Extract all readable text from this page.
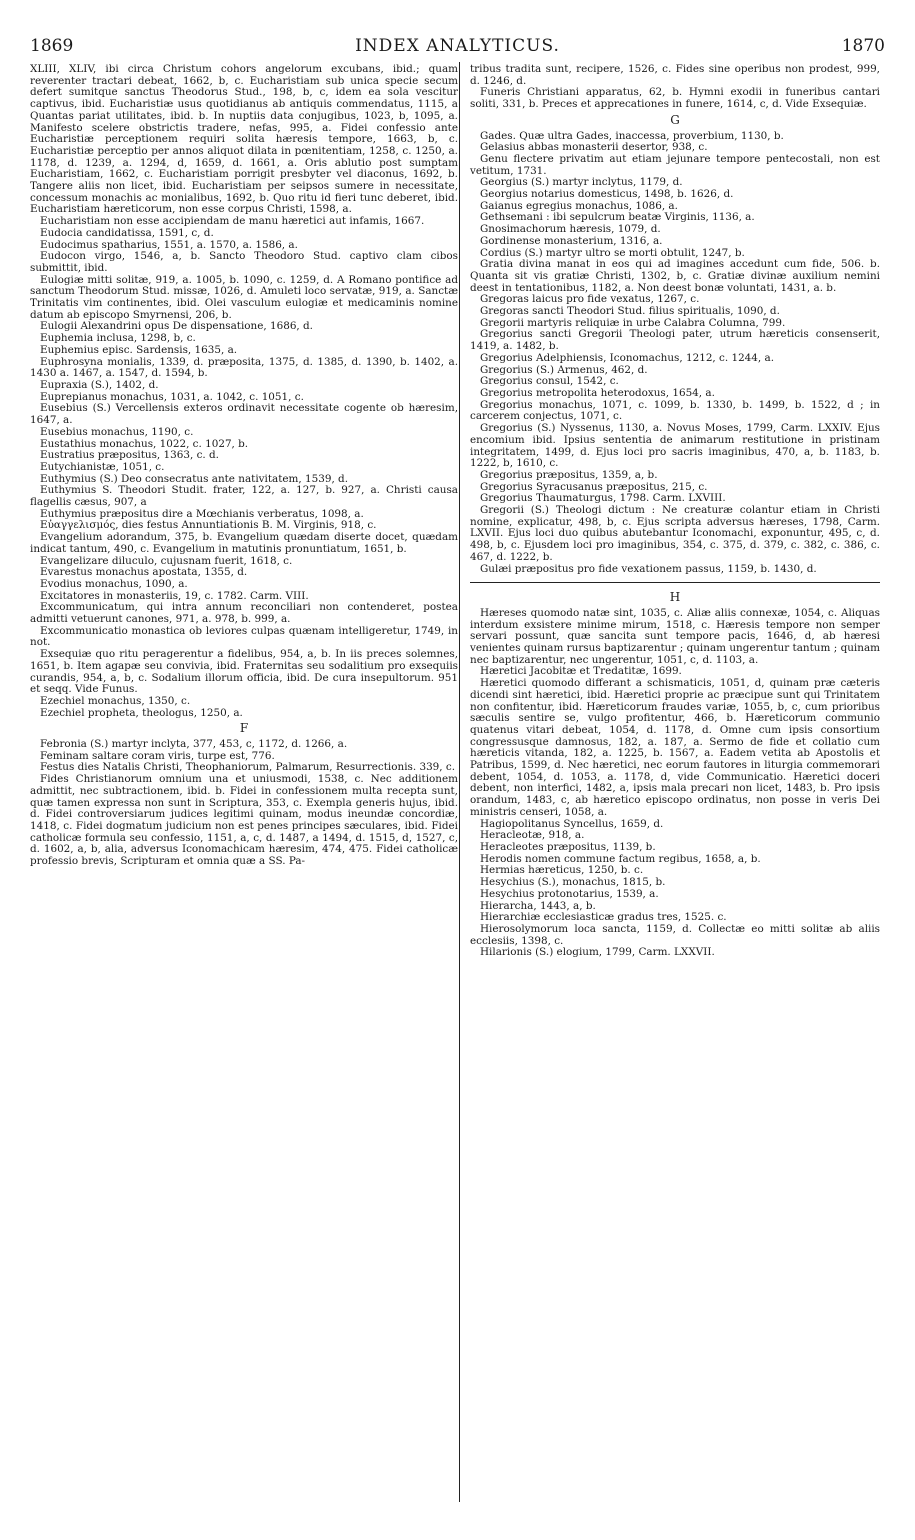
1869	INDEX ANALYTICUS.	1870

XLIII, XLIV, ibi circa Christum cohors angelorum excubans, ibid.; quam reverenter tractari debeat, 1662, b, c. Eucharistiam sub unica specie secum defert sumitque sanctus Theodorus Stud., 198, b, c, idem ea sola vescitur captivus, ibid. Eucharistiæ usus quotidianus ab antiquis commendatus, 1115, a Quantas pariat utilitates, ibid. b. In nuptiis data conjugibus, 1023, b, 1095, a. Manifesto scelere obstrictis tradere, nefas, 995, a. Fidei confessio ante Eucharistiæ perceptionem requiri solita hæresis tempore, 1663, b, c. Eucharistiæ perceptio per annos aliquot dilata in pœnitentiam, 1258, c. 1250, a. 1178, d. 1239, a. 1294, d, 1659, d. 1661, a. Oris ablutio post sumptam Eucharistiam, 1662, c. Eucharistiam porrigit presbyter vel diaconus, 1692, b. Tangere aliis non licet, ibid. Eucharistiam per seipsos sumere in necessitate, concessum monachis ac monialibus, 1692, b. Quo ritu id fieri tunc deberet, ibid. Eucharistiam hæreticorum, non esse corpus Christi, 1598, a.

Eucharistiam non esse accipiendam de manu hæretici aut infamis, 1667.

Eudocia candidatissa, 1591, c, d.

Eudocimus spatharius, 1551, a. 1570, a. 1586, a.

Eudocon virgo, 1546, a, b. Sancto Theodoro Stud. captivo clam cibos submittit, ibid.

Eulogiæ mitti solitæ, 919, a. 1005, b. 1090, c. 1259, d. A Romano pontifice ad sanctum Theodorum Stud. missæ, 1026, d. Amuleti loco servatæ, 919, a. Sanctæ Trinitatis vim continentes, ibid. Olei vasculum eulogiæ et medicaminis nomine datum ab episcopo Smyrnensi, 206, b.

Eulogii Alexandrini opus De dispensatione, 1686, d.

Euphemia inclusa, 1298, b, c.

Euphemius episc. Sardensis, 1635, a.

Euphrosyna monialis, 1339, d. præposita, 1375, d. 1385, d. 1390, b. 1402, a. 1430 a. 1467, a. 1547, d. 1594, b.

Eupraxia (S.), 1402, d.

Euprepianus monachus, 1031, a. 1042, c. 1051, c.

Eusebius (S.) Vercellensis exteros ordinavit necessitate cogente ob hæresim, 1647, a.

Eusebius monachus, 1190, c.

Eustathius monachus, 1022, c. 1027, b.

Eustratius præpositus, 1363, c. d.

Eutychianistæ, 1051, c.

Euthymius (S.) Deo consecratus ante nativitatem, 1539, d.

Euthymius S. Theodori Studit. frater, 122, a. 127, b. 927, a. Christi causa flagellis cæsus, 907, a

Euthymius præpositus dire a Mœchianis verberatus, 1098, a.

Εὐαγγελισμός, dies festus Annuntiationis B. M. Virginis, 918, c.

Evangelium adorandum, 375, b. Evangelium quædam diserte docet, quædam indicat tantum, 490, c. Evangelium in matutinis pronuntiatum, 1651, b.

Evangelizare diluculo, cujusnam fuerit, 1618, c.

Evarestus monachus apostata, 1355, d.

Evodius monachus, 1090, a.

Excitatores in monasteriis, 19, c. 1782. Carm. VIII.

Excommunicatum, qui intra annum reconciliari non contenderet, postea admitti vetuerunt canones, 971, a. 978, b. 999, a.

Excommunicatio monastica ob leviores culpas quænam intelligeretur, 1749, in not.

Exsequiæ quo ritu peragerentur a fidelibus, 954, a, b. In iis preces solemnes, 1651, b. Item agapæ seu convivia, ibid. Fraternitas seu sodalitium pro exsequiis curandis, 954, a, b, c. Sodalium illorum officia, ibid. De cura insepultorum. 951 et seqq. Vide Funus.

Ezechiel monachus, 1350, c.

Ezechiel propheta, theologus, 1250, a.

F

Febronia (S.) martyr inclyta, 377, 453, c, 1172, d. 1266, a.

Feminam saltare coram viris, turpe est, 776.

Festus dies Natalis Christi, Theophaniorum, Palmarum, Resurrectionis. 339, c.

Fides Christianorum omnium una et uniusmodi, 1538, c. Nec additionem admittit, nec subtractionem, ibid. b. Fidei in confessionem multa recepta sunt, quæ tamen expressa non sunt in Scriptura, 353, c. Exempla generis hujus, ibid. d. Fidei controversiarum judices legitimi quinam, modus ineundæ concordiæ, 1418, c. Fidei dogmatum judicium non est penes principes sæculares, ibid. Fidei catholicæ formula seu confessio, 1151, a, c, d. 1487, a 1494, d. 1515, d, 1527, c, d. 1602, a, b, alia, adversus Iconomachicam hæresim, 474, 475. Fidei catholicæ professio brevis, Scripturam et omnia quæ a SS. Pa-

tribus tradita sunt, recipere, 1526, c. Fides sine operibus non prodest, 999, d. 1246, d.

Funeris Christiani apparatus, 62, b. Hymni exodii in funeribus cantari soliti, 331, b. Preces et apprecationes in funere, 1614, c, d. Vide Exsequiæ.

G

Gades. Quæ ultra Gades, inaccessa, proverbium, 1130, b.

Gelasius abbas monasterii desertor, 938, c.

Genu flectere privatim aut etiam jejunare tempore pentecostali, non est vetitum, 1731.

Georgius (S.) martyr inclytus, 1179, d.

Georgius notarius domesticus, 1498, b. 1626, d.

Gaianus egregius monachus, 1086, a.

Gethsemani : ibi sepulcrum beatæ Virginis, 1136, a.

Gnosimachorum hæresis, 1079, d.

Gordinense monasterium, 1316, a.

Cordius (S.) martyr ultro se morti obtulit, 1247, b.

Gratia divina manat in eos qui ad imagines accedunt cum fide, 506. b. Quanta sit vis gratiæ Christi, 1302, b, c. Gratiæ divinæ auxilium nemini deest in tentationibus, 1182, a. Non deest bonæ voluntati, 1431, a. b.

Gregoras laicus pro fide vexatus, 1267, c.

Gregoras sancti Theodori Stud. filius spiritualis, 1090, d.

Gregorii martyris reliquiæ in urbe Calabra Columna, 799.

Gregorius sancti Gregorii Theologi pater, utrum hæreticis consenserit, 1419, a. 1482, b.

Gregorius Adelphiensis, Iconomachus, 1212, c. 1244, a.

Gregorius (S.) Armenus, 462, d.

Gregorius consul, 1542, c.

Gregorius metropolita heterodoxus, 1654, a.

Gregorius monachus, 1071, c. 1099, b. 1330, b. 1499, b. 1522, d ; in carcerem conjectus, 1071, c.

Gregorius (S.) Nyssenus, 1130, a. Novus Moses, 1799, Carm. LXXIV. Ejus encomium ibid. Ipsius sententia de animarum restitutione in pristinam integritatem, 1499, d. Ejus loci pro sacris imaginibus, 470, a, b. 1183, b. 1222, b, 1610, c.

Gregorius præpositus, 1359, a, b.

Gregorius Syracusanus præpositus, 215, c.

Gregorius Thaumaturgus, 1798. Carm. LXVIII.

Gregorii (S.) Theologi dictum : Ne creaturæ colantur etiam in Christi nomine, explicatur, 498, b, c. Ejus scripta adversus hæreses, 1798, Carm. LXVII. Ejus loci duo quibus abutebantur Iconomachi, exponuntur, 495, c, d. 498, b, c. Ejusdem loci pro imaginibus, 354, c. 375, d. 379, c. 382, c. 386, c. 467, d. 1222, b.

Gulæi præpositus pro fide vexationem passus, 1159, b. 1430, d.

H

Hæreses quomodo natæ sint, 1035, c. Aliæ aliis connexæ, 1054, c. Aliquas interdum exsistere minime mirum, 1518, c. Hæresis tempore non semper servari possunt, quæ sancita sunt tempore pacis, 1646, d, ab hæresi venientes quinam rursus baptizarentur ; quinam ungerentur tantum ; quinam nec baptizarentur, nec ungerentur, 1051, c, d. 1103, a.

Hæretici Jacobitæ et Tredatitæ, 1699.

Hæretici quomodo differant a schismaticis, 1051, d, quinam præ cæteris dicendi sint hæretici, ibid. Hæretici proprie ac præcipue sunt qui Trinitatem non confitentur, ibid. Hæreticorum fraudes variæ, 1055, b, c, cum prioribus sæculis sentire se, vulgo profitentur, 466, b. Hæreticorum communio quatenus vitari debeat, 1054, d. 1178, d. Omne cum ipsis consortium congressusque damnosus, 182, a. 187, a. Sermo de fide et collatio cum hæreticis vitanda, 182, a. 1225, b. 1567, a. Eadem vetita ab Apostolis et Patribus, 1599, d. Nec hæretici, nec eorum fautores in liturgia commemorari debent, 1054, d. 1053, a. 1178, d, vide Communicatio. Hæretici doceri debent, non interfici, 1482, a, ipsis mala precari non licet, 1483, b. Pro ipsis orandum, 1483, c, ab hæretico episcopo ordinatus, non posse in veris Dei ministris censeri, 1058, a.

Hagiopolitanus Syncellus, 1659, d.

Heracleotæ, 918, a.

Heracleotes præpositus, 1139, b.

Herodis nomen commune factum regibus, 1658, a, b.

Hermias hæreticus, 1250, b. c.

Hesychius (S.), monachus, 1815, b.

Hesychius protonotarius, 1539, a.

Hierarcha, 1443, a, b.

Hierarchiæ ecclesiasticæ gradus tres, 1525. c.

Hierosolymorum loca sancta, 1159, d. Collectæ eo mitti solitæ ab aliis ecclesiis, 1398, c.

Hilarionis (S.) elogium, 1799, Carm. LXXVII.
